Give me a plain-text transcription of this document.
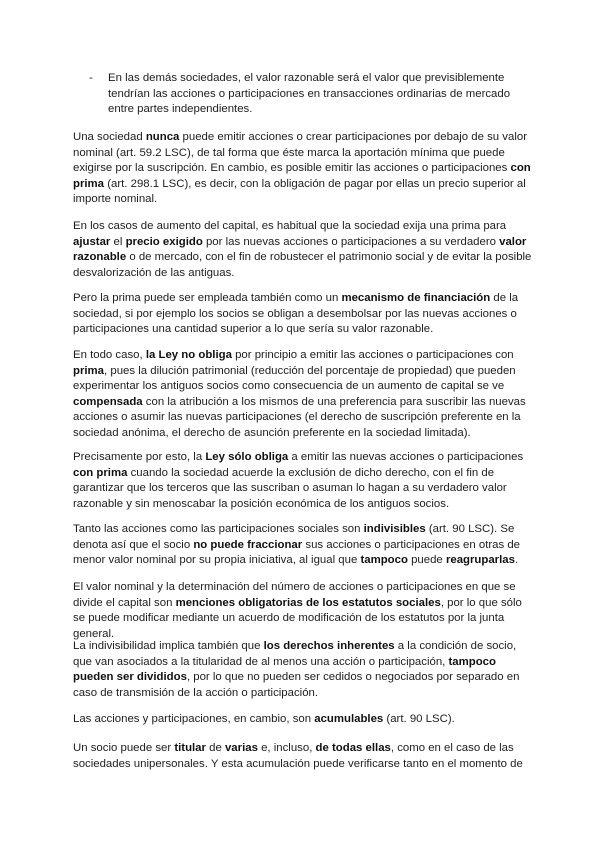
- En las demás sociedades, el valor razonable será el valor que previsiblemente tendrían las acciones o participaciones en transacciones ordinarias de mercado entre partes independientes.

Una sociedad nunca puede emitir acciones o crear participaciones por debajo de su valor nominal (art. 59.2 LSC), de tal forma que éste marca la aportación mínima que puede exigirse por la suscripción. En cambio, es posible emitir las acciones o participaciones con prima (art. 298.1 LSC), es decir, con la obligación de pagar por ellas un precio superior al importe nominal.

En los casos de aumento del capital, es habitual que la sociedad exija una prima para ajustar el precio exigido por las nuevas acciones o participaciones a su verdadero valor razonable o de mercado, con el fin de robustecer el patrimonio social y de evitar la posible desvalorización de las antiguas.

Pero la prima puede ser empleada también como un mecanismo de financiación de la sociedad, si por ejemplo los socios se obligan a desembolsar por las nuevas acciones o participaciones una cantidad superior a lo que sería su valor razonable.

En todo caso, la Ley no obliga por principio a emitir las acciones o participaciones con prima, pues la dilución patrimonial (reducción del porcentaje de propiedad) que pueden experimentar los antiguos socios como consecuencia de un aumento de capital se ve compensada con la atribución a los mismos de una preferencia para suscribir las nuevas acciones o asumir las nuevas participaciones (el derecho de suscripción preferente en la sociedad anónima, el derecho de asunción preferente en la sociedad limitada).

Precisamente por esto, la Ley sólo obliga a emitir las nuevas acciones o participaciones con prima cuando la sociedad acuerde la exclusión de dicho derecho, con el fin de garantizar que los terceros que las suscriban o asuman lo hagan a su verdadero valor razonable y sin menoscabar la posición económica de los antiguos socios.

Tanto las acciones como las participaciones sociales son indivisibles (art. 90 LSC). Se denota así que el socio no puede fraccionar sus acciones o participaciones en otras de menor valor nominal por su propia iniciativa, al igual que tampoco puede reagruparlas.

El valor nominal y la determinación del número de acciones o participaciones en que se divide el capital son menciones obligatorias de los estatutos sociales, por lo que sólo se puede modificar mediante un acuerdo de modificación de los estatutos por la junta general.

La indivisibilidad implica también que los derechos inherentes a la condición de socio, que van asociados a la titularidad de al menos una acción o participación, tampoco pueden ser divididos, por lo que no pueden ser cedidos o negociados por separado en caso de transmisión de la acción o participación.

Las acciones y participaciones, en cambio, son acumulables (art. 90 LSC).

Un socio puede ser titular de varias e, incluso, de todas ellas, como en el caso de las sociedades unipersonales. Y esta acumulación puede verificarse tanto en el momento de
